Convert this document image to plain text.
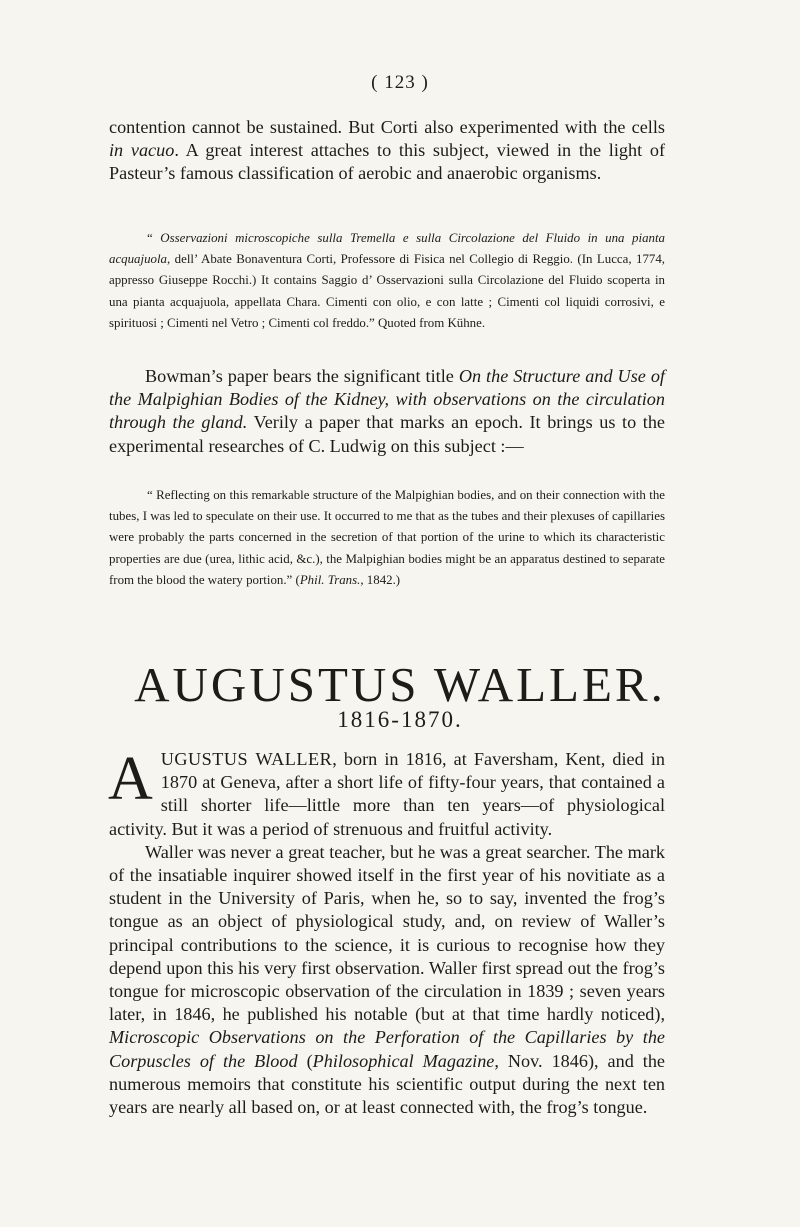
( 123 )

contention cannot be sustained. But Corti also experimented with the cells in vacuo. A great interest attaches to this subject, viewed in the light of Pasteur’s famous classification of aerobic and anaerobic organisms.

“ Osservazioni microscopiche sulla Tremella e sulla Circolazione del Fluido in una pianta acquajuola, dell’ Abate Bonaventura Corti, Professore di Fisica nel Collegio di Reggio. (In Lucca, 1774, appresso Giuseppe Rocchi.) It contains Saggio d’ Osservazioni sulla Circolazione del Fluido scoperta in una pianta acquajuola, appellata Chara. Cimenti con olio, e con latte ; Cimenti col liquidi corrosivi, e spirituosi ; Cimenti nel Vetro ; Cimenti col freddo.” Quoted from Kühne.

Bowman’s paper bears the significant title On the Structure and Use of the Malpighian Bodies of the Kidney, with observations on the circulation through the gland. Verily a paper that marks an epoch. It brings us to the experimental researches of C. Ludwig on this subject :—

“ Reflecting on this remarkable structure of the Malpighian bodies, and on their connection with the tubes, I was led to speculate on their use. It occurred to me that as the tubes and their plexuses of capillaries were probably the parts concerned in the secretion of that portion of the urine to which its characteristic properties are due (urea, lithic acid, &c.), the Malpighian bodies might be an apparatus destined to separate from the blood the watery portion.” (Phil. Trans., 1842.)

AUGUSTUS WALLER.
1816-1870.

AUGUSTUS WALLER, born in 1816, at Faversham, Kent, died in 1870 at Geneva, after a short life of fifty-four years, that contained a still shorter life—little more than ten years—of physiological activity. But it was a period of strenuous and fruitful activity.

Waller was never a great teacher, but he was a great searcher. The mark of the insatiable inquirer showed itself in the first year of his novitiate as a student in the University of Paris, when he, so to say, invented the frog’s tongue as an object of physiological study, and, on review of Waller’s principal contributions to the science, it is curious to recognise how they depend upon this his very first observation. Waller first spread out the frog’s tongue for microscopic observation of the circulation in 1839 ; seven years later, in 1846, he published his notable (but at that time hardly noticed), Microscopic Observations on the Perforation of the Capillaries by the Corpuscles of the Blood (Philosophical Magazine, Nov. 1846), and the numerous memoirs that constitute his scientific output during the next ten years are nearly all based on, or at least connected with, the frog’s tongue.
